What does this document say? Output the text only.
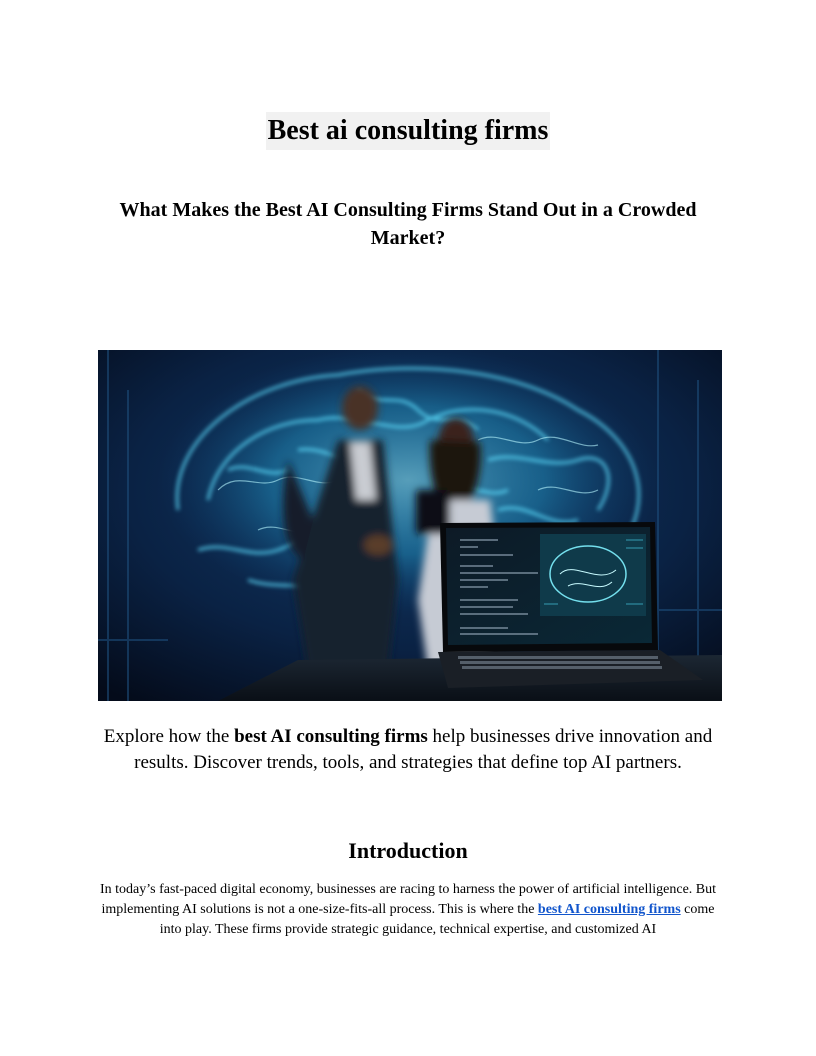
Best ai consulting firms
What Makes the Best AI Consulting Firms Stand Out in a Crowded Market?

Explore how the best AI consulting firms help businesses drive innovation and results. Discover trends, tools, and strategies that define top AI partners.

Introduction

In today’s fast-paced digital economy, businesses are racing to harness the power of artificial intelligence. But implementing AI solutions is not a one-size-fits-all process. This is where the best AI consulting firms come into play. These firms provide strategic guidance, technical expertise, and customized AI
